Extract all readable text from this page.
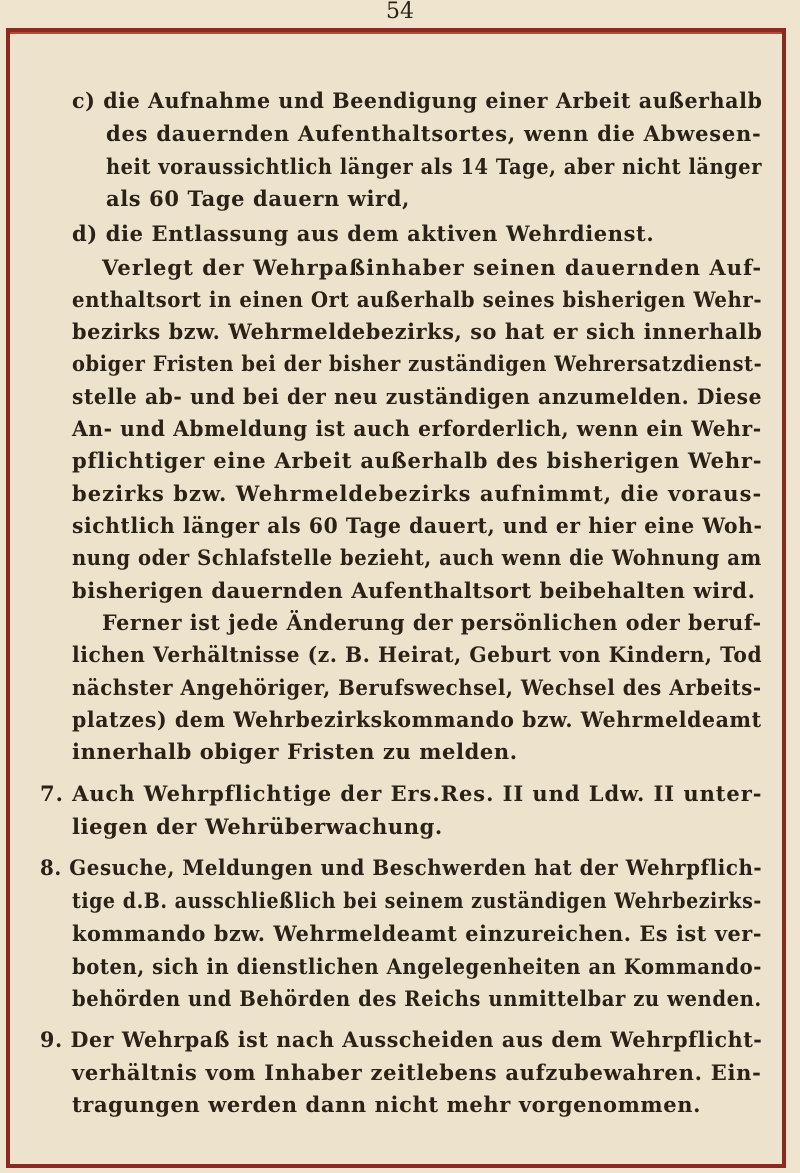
54
c) die Aufnahme und Beendigung einer Arbeit außerhalb
des dauernden Aufenthaltsortes, wenn die Abwesen-
heit voraussichtlich länger als 14 Tage, aber nicht länger
als 60 Tage dauern wird,
d) die Entlassung aus dem aktiven Wehrdienst.
Verlegt der Wehrpaßinhaber seinen dauernden Auf-
enthaltsort in einen Ort außerhalb seines bisherigen Wehr-
bezirks bzw. Wehrmeldebezirks, so hat er sich innerhalb
obiger Fristen bei der bisher zuständigen Wehrersatzdienst-
stelle ab- und bei der neu zuständigen anzumelden. Diese
An- und Abmeldung ist auch erforderlich, wenn ein Wehr-
pflichtiger eine Arbeit außerhalb des bisherigen Wehr-
bezirks bzw. Wehrmeldebezirks aufnimmt, die voraus-
sichtlich länger als 60 Tage dauert, und er hier eine Woh-
nung oder Schlafstelle bezieht, auch wenn die Wohnung am
bisherigen dauernden Aufenthaltsort beibehalten wird.
Ferner ist jede Änderung der persönlichen oder beruf-
lichen Verhältnisse (z. B. Heirat, Geburt von Kindern, Tod
nächster Angehöriger, Berufswechsel, Wechsel des Arbeits-
platzes) dem Wehrbezirkskommando bzw. Wehrmeldeamt
innerhalb obiger Fristen zu melden.
7. Auch Wehrpflichtige der Ers.Res. II und Ldw. II unter-
liegen der Wehrüberwachung.
8. Gesuche, Meldungen und Beschwerden hat der Wehrpflich-
tige d.B. ausschließlich bei seinem zuständigen Wehrbezirks-
kommando bzw. Wehrmeldeamt einzureichen. Es ist ver-
boten, sich in dienstlichen Angelegenheiten an Kommando-
behörden und Behörden des Reichs unmittelbar zu wenden.
9. Der Wehrpaß ist nach Ausscheiden aus dem Wehrpflicht-
verhältnis vom Inhaber zeitlebens aufzubewahren. Ein-
tragungen werden dann nicht mehr vorgenommen.
